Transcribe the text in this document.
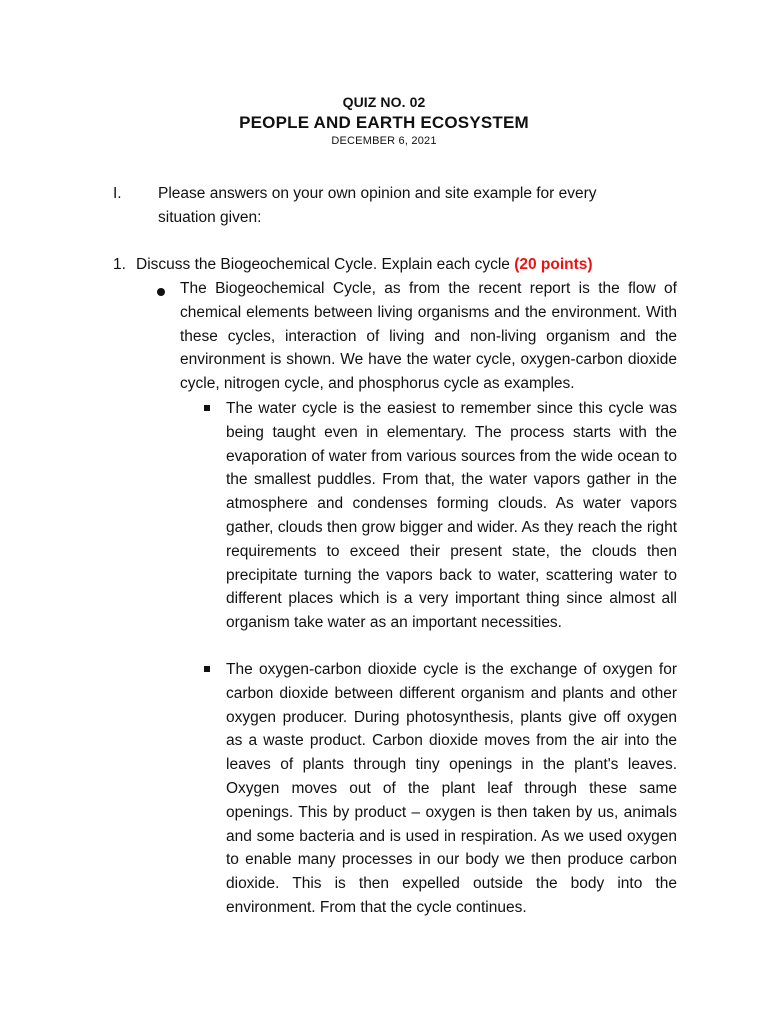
QUIZ NO. 02
PEOPLE AND EARTH ECOSYSTEM
DECEMBER 6, 2021
I. Please answers on your own opinion and site example for every situation given:
1. Discuss the Biogeochemical Cycle. Explain each cycle (20 points)
The Biogeochemical Cycle, as from the recent report is the flow of chemical elements between living organisms and the environment. With these cycles, interaction of living and non-living organism and the environment is shown. We have the water cycle, oxygen-carbon dioxide cycle, nitrogen cycle, and phosphorus cycle as examples.
The water cycle is the easiest to remember since this cycle was being taught even in elementary. The process starts with the evaporation of water from various sources from the wide ocean to the smallest puddles. From that, the water vapors gather in the atmosphere and condenses forming clouds. As water vapors gather, clouds then grow bigger and wider. As they reach the right requirements to exceed their present state, the clouds then precipitate turning the vapors back to water, scattering water to different places which is a very important thing since almost all organism take water as an important necessities.
The oxygen-carbon dioxide cycle is the exchange of oxygen for carbon dioxide between different organism and plants and other oxygen producer. During photosynthesis, plants give off oxygen as a waste product. Carbon dioxide moves from the air into the leaves of plants through tiny openings in the plant's leaves. Oxygen moves out of the plant leaf through these same openings. This by product – oxygen is then taken by us, animals and some bacteria and is used in respiration. As we used oxygen to enable many processes in our body we then produce carbon dioxide. This is then expelled outside the body into the environment. From that the cycle continues.
